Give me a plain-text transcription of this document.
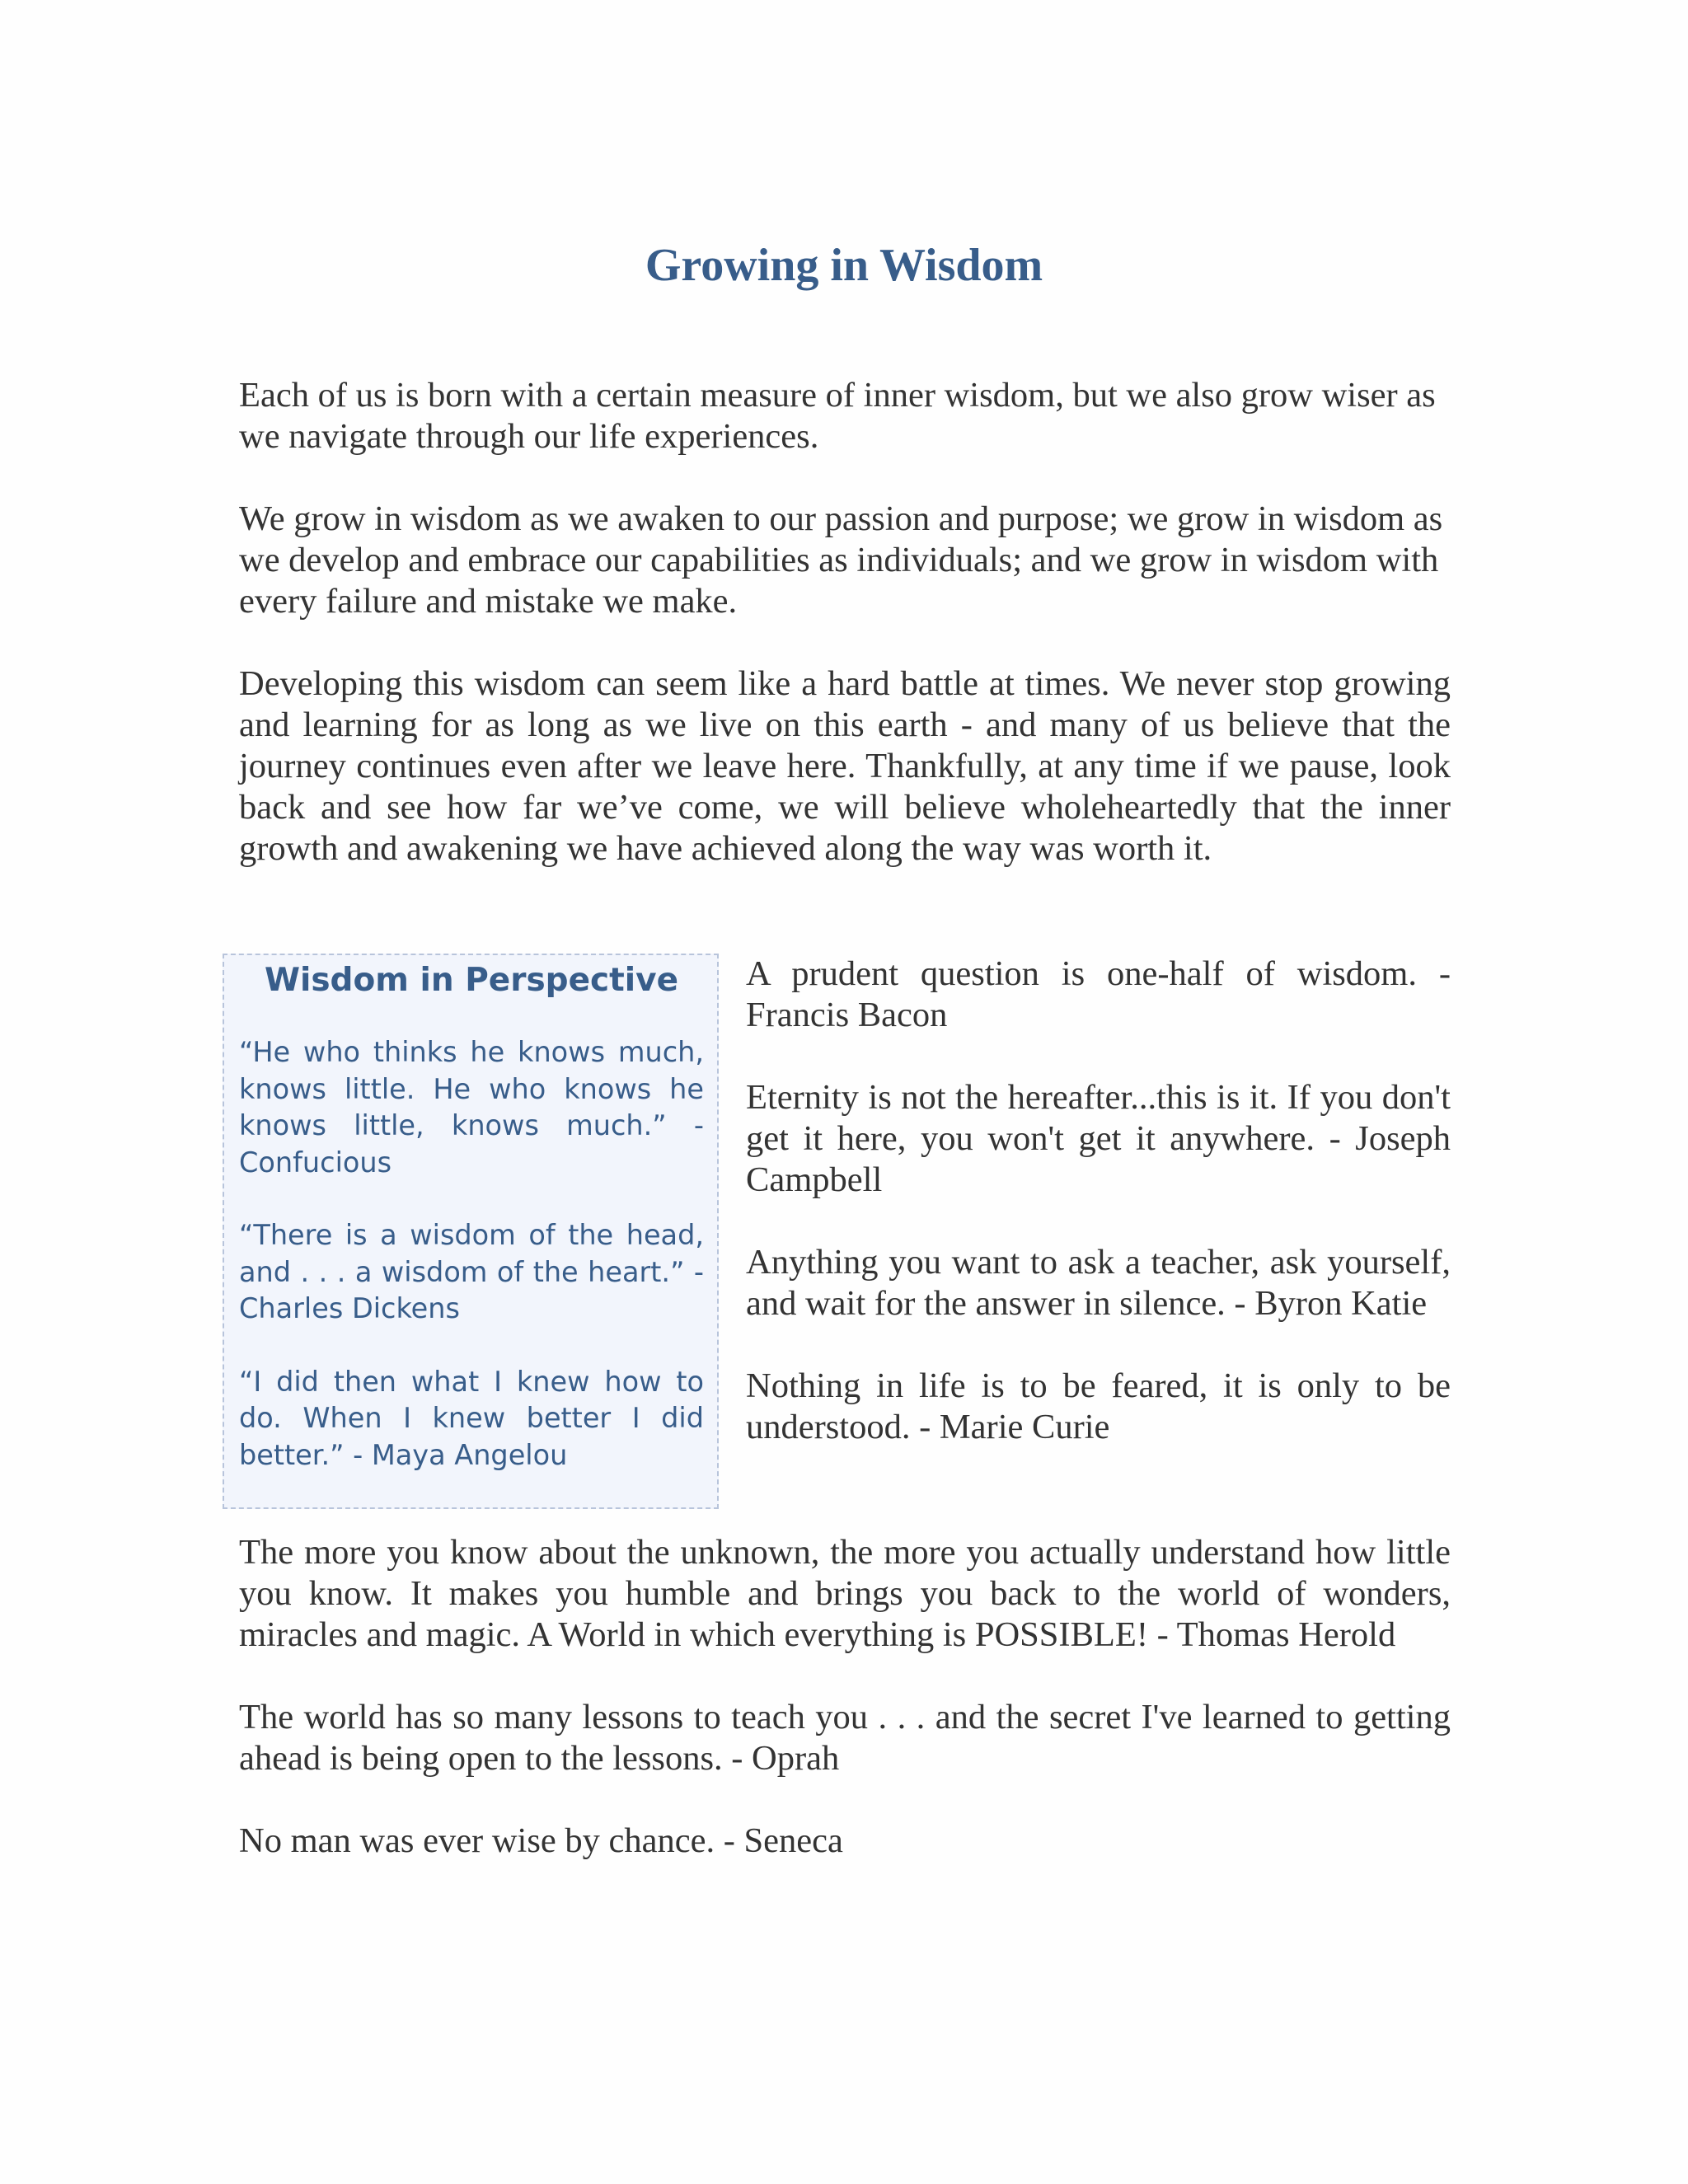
Growing in Wisdom

Each of us is born with a certain measure of inner wisdom, but we also grow wiser as we navigate through our life experiences.

We grow in wisdom as we awaken to our passion and purpose; we grow in wisdom as we develop and embrace our capabilities as individuals; and we grow in wisdom with every failure and mistake we make.

Developing this wisdom can seem like a hard battle at times. We never stop growing and learning for as long as we live on this earth - and many of us believe that the journey continues even after we leave here. Thankfully, at any time if we pause, look back and see how far we’ve come, we will believe wholeheartedly that the inner growth and awakening we have achieved along the way was worth it.

Wisdom in Perspective

“He who thinks he knows much, knows little. He who knows he knows little, knows much.” - Confucious

“There is a wisdom of the head, and . . . a wisdom of the heart.” - Charles Dickens

“I did then what I knew how to do. When I knew better I did better.” - Maya Angelou

A prudent question is one-half of wisdom. - Francis Bacon

Eternity is not the hereafter...this is it. If you don't get it here, you won't get it anywhere. - Joseph Campbell

Anything you want to ask a teacher, ask yourself, and wait for the answer in silence. - Byron Katie

Nothing in life is to be feared, it is only to be understood. - Marie Curie

The more you know about the unknown, the more you actually understand how little you know. It makes you humble and brings you back to the world of wonders, miracles and magic. A World in which everything is POSSIBLE! - Thomas Herold

The world has so many lessons to teach you . . . and the secret I've learned to getting ahead is being open to the lessons. - Oprah

No man was ever wise by chance. - Seneca
